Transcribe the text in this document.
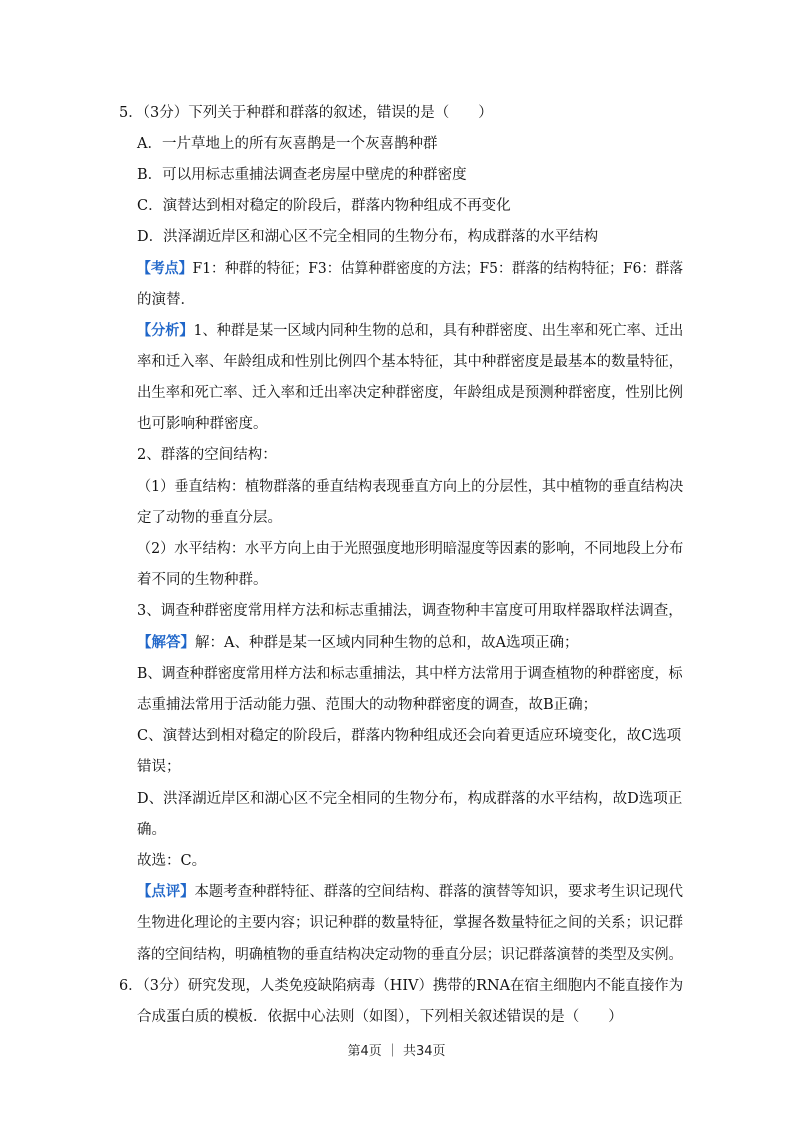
5．（3分）下列关于种群和群落的叙述，错误的是（　　）
A．一片草地上的所有灰喜鹊是一个灰喜鹊种群
B．可以用标志重捕法调查老房屋中壁虎的种群密度
C．演替达到相对稳定的阶段后，群落内物种组成不再变化
D．洪泽湖近岸区和湖心区不完全相同的生物分布，构成群落的水平结构
【考点】F1：种群的特征；F3：估算种群密度的方法；F5：群落的结构特征；F6：群落
的演替．
【分析】1、种群是某一区域内同种生物的总和，具有种群密度、出生率和死亡率、迁出
率和迁入率、年龄组成和性别比例四个基本特征，其中种群密度是最基本的数量特征，
出生率和死亡率、迁入率和迁出率决定种群密度，年龄组成是预测种群密度，性别比例
也可影响种群密度。
2、群落的空间结构：
（1）垂直结构：植物群落的垂直结构表现垂直方向上的分层性，其中植物的垂直结构决
定了动物的垂直分层。
（2）水平结构：水平方向上由于光照强度地形明暗湿度等因素的影响，不同地段上分布
着不同的生物种群。
3、调查种群密度常用样方法和标志重捕法，调查物种丰富度可用取样器取样法调查，
【解答】解：A、种群是某一区域内同种生物的总和，故A选项正确；
B、调查种群密度常用样方法和标志重捕法，其中样方法常用于调查植物的种群密度，标
志重捕法常用于活动能力强、范围大的动物种群密度的调查，故B正确；
C、演替达到相对稳定的阶段后，群落内物种组成还会向着更适应环境变化，故C选项
错误；
D、洪泽湖近岸区和湖心区不完全相同的生物分布，构成群落的水平结构，故D选项正
确。
故选：C。
【点评】本题考查种群特征、群落的空间结构、群落的演替等知识，要求考生识记现代
生物进化理论的主要内容；识记种群的数量特征，掌握各数量特征之间的关系；识记群
落的空间结构，明确植物的垂直结构决定动物的垂直分层；识记群落演替的类型及实例。
6．（3分）研究发现，人类免疫缺陷病毒（HIV）携带的RNA在宿主细胞内不能直接作为
合成蛋白质的模板．依据中心法则（如图），下列相关叙述错误的是（　　）
第4页 ｜ 共34页
